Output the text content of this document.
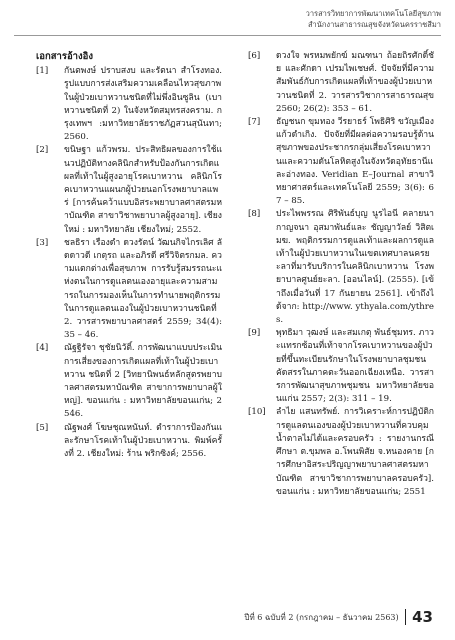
วารสารวิทยาการพัฒนาเทคโนโลยีสุขภาพ
สำนักงานสาธารณสุขจังหวัดนครราชสีมา
เอกสารอ้างอิง
[1]	กันตพงษ์ ปราบสงบ และรัตนา สำโรงทอง. รูปแบบการส่งเสริมความเคลือนไหวสุขภาพในผู้ป่วยเบาหวานชนิดที่ไม่พึ่งอินซูลิน (เบาหวานชนิดที่ 2) ในจังหวัดสมุทรสงคราม. กรุงเทพฯ :มหาวิทยาลัยราชภัฏสวนสุนันทา; 2560.
[2]	ขนิษฐา แก้วพรม. ประสิทธิผลของการใช้แนวปฏิบัติทางคลินิกสำหรับป้องกันการเกิดแผลที่เท้าในผู้สูงอายุโรคเบาหวาน คลินิกโรคเบาหวานแผนกผู้ป่วยนอกโรงพยาบาลแพร่ [การค้นคว้าแบบอิสระพยาบาลศาสตรมหาบัณฑิต สาขาวิชาพยาบาลผู้สูงอายุ]. เชียงใหม่ : มหาวิทยาลัย เชียงใหม่; 2552.
[3]	ชลธิรา เรืองดำ ดวงรัตน์ วัฒนกิจไกรเลิศ ลัดดาวดี เกตุรถ และอภิรดี ศรีวิจิตรกมล. ความแตกต่างเพื่อสุขภาพ การรับรู้สมรรถนะแห่งตนในการดูแลตนเองอายุและความสามารถในการมองเห็นในการทำนายพฤติกรรมในการดูแลตนเองในผู้ป่วยเบาหวานชนิดที่ 2. วารสารพยาบาลศาสตร์ 2559; 34(4): 35 – 46.
[4]	ณัฐฐิรัจา ชุชัยนิวัติ์. การพัฒนาแบบประเมินการเสี่ยงของการเกิดแผลที่เท้าในผู้ป่วยเบาหวาน ชนิดที่ 2 [วิทยานิพนธ์หลักสูตรพยาบาลศาสตรมหาบัณฑิต สาขาการพยาบาลผู้ใหญ่]. ขอนแก่น : มหาวิทยาลัยขอนแก่น; 2546.
[5]	ณัฐพงศ์ โฆษชุณหนันท์. ตำราการป้องกันและรักษาโรคเท้าในผู้ป่วยเบาหวาน. พิมพ์ครั้งที่ 2. เชียงใหม่: ร้าน พริกซิงค์; 2556.
[6]	ดวงใจ พรหมพยักฆ์ มณฑนา ถ้อยถิรศักดิ์ชัย และศักดา เปรมไพเชษศ์. ปัจจัยที่มีความสัมพันธ์กับการเกิดแผลที่เท้าของผู้ป่วยเบาหวานชนิดที่ 2. วารสารวิชาการสาธารณสุข 2560; 26(2): 353 – 61.
[7]	ธัญชนก ขุมทอง วีรยาธร์ โพธิศิริ ขวัญเมือง แก้วดำเกิง. ปัจจัยที่มีผลต่อความรอบรู้ด้านสุขภาพของประชากรกลุ่มเสี่ยงโรคเบาหวานและความดันโลหิตสูงในจังหวัดอุทัยธานีและอ่างทอง. Veridian E–Journal สาขาวิทยาศาสตร์และเทคโนโลยี 2559; 3(6): 67 – 85.
[8]	ประไพพรรณ ศิริพันธ์บุญ นูรไอนี คลายนา กาญจนา อุสมาพันธ์และ ชัญญาวัลย์ วิสิตเมฆ. พฤติกรรมการดูแลเท้าและผลการดูแลเท้าในผู้ป่วยเบาหวานในเขตเทศบาลนครยะลาที่มารับบริการในคลินิกเบาหวาน โรงพยาบาลศูนย์ยะลา. [ออนไลน์]. (2555). [เข้าถึงเมื่อวันที่ 17 กันยายน 2561]. เข้าถึงได้จาก: http://www. ythyala.com/ythres.
[9]	พุทธิมา วุฒงษ์ และสมเกตุ พันธ์ชุมทร. ภาวะแทรกซ้อนที่เท้าจากโรคเบาหวานของผู้ป่วยที่ขึ้นทะเบียนรักษาในโรงพยาบาลชุมชน คัดสรรในภาคตะวันออกเฉียงเหนือ. วารสารการพัฒนาสุขภาพชุมชน มหาวิทยาลัยขอนแก่น 2557; 2(3): 311 – 19.
[10]	ลำไย แสนทรัพย์. การวิเคราะห์การปฏิบัติการดูแลตนเองของผู้ป่วยเบาหวานที่ควบคุมน้ำตาลไม่ได้และครอบครัว : รายงานกรณีศึกษา ต.ขุมพล อ.โพนพิสัย จ.หนองคาย [การศึกษาอิสระปริญญาพยาบาลศาสตรมหาบัณฑิต สาขาวิชาการพยาบาลครอบครัว]. ขอนแก่น : มหาวิทยาลัยขอนแก่น; 2551
ปีที่ 6 ฉบับที่ 2 (กรกฎาคม – ธันวาคม 2563) 43
